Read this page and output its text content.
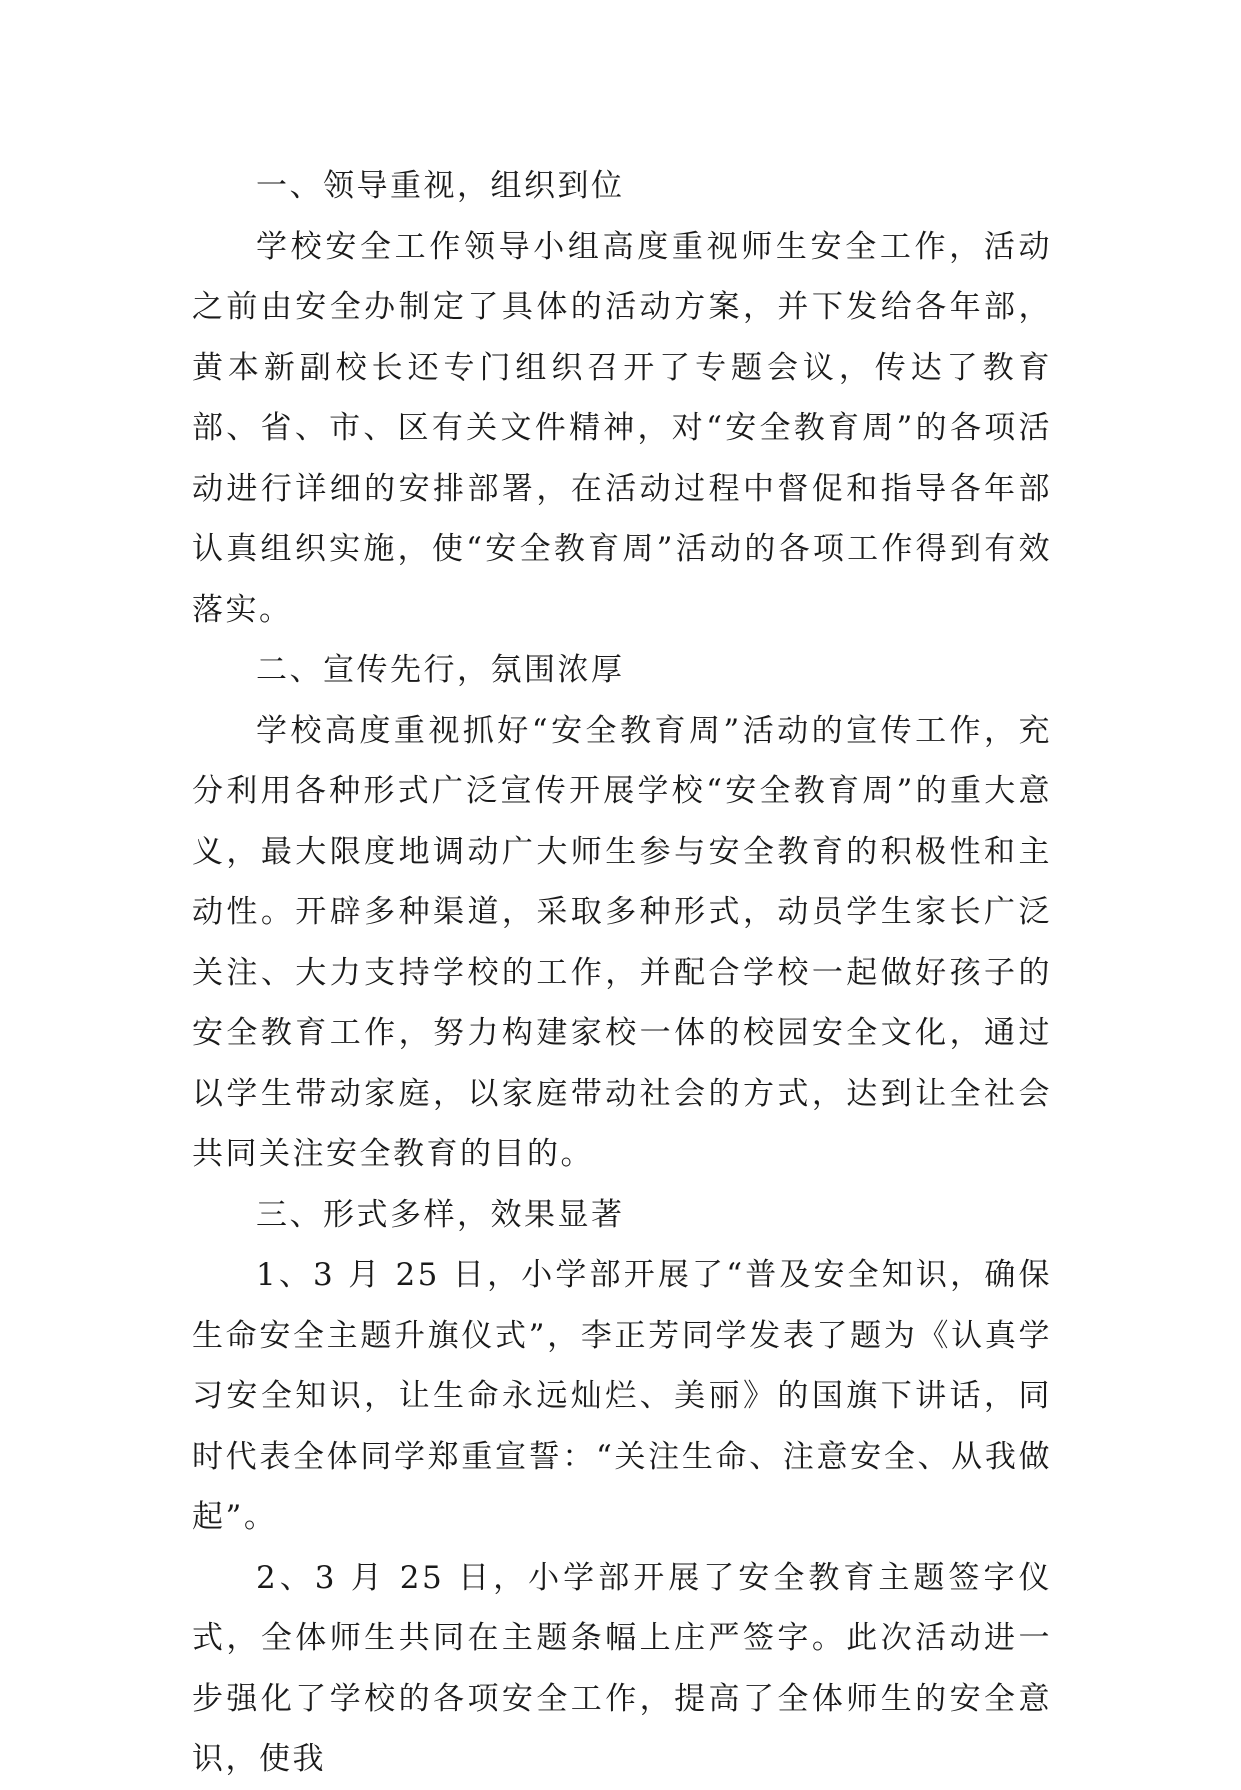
一、领导重视，组织到位

学校安全工作领导小组高度重视师生安全工作，活动之前由安全办制定了具体的活动方案，并下发给各年部，黄本新副校长还专门组织召开了专题会议，传达了教育部、省、市、区有关文件精神，对“安全教育周”的各项活动进行详细的安排部署，在活动过程中督促和指导各年部认真组织实施，使“安全教育周”活动的各项工作得到有效落实。

二、宣传先行，氛围浓厚

学校高度重视抓好“安全教育周”活动的宣传工作，充分利用各种形式广泛宣传开展学校“安全教育周”的重大意义，最大限度地调动广大师生参与安全教育的积极性和主动性。开辟多种渠道，采取多种形式，动员学生家长广泛关注、大力支持学校的工作，并配合学校一起做好孩子的安全教育工作，努力构建家校一体的校园安全文化，通过以学生带动家庭，以家庭带动社会的方式，达到让全社会共同关注安全教育的目的。

三、形式多样，效果显著

1、3 月 25 日，小学部开展了“普及安全知识，确保生命安全主题升旗仪式”，李正芳同学发表了题为《认真学习安全知识，让生命永远灿烂、美丽》的国旗下讲话，同时代表全体同学郑重宣誓：“关注生命、注意安全、从我做起”。

2、3 月 25 日，小学部开展了安全教育主题签字仪式，全体师生共同在主题条幅上庄严签字。此次活动进一步强化了学校的各项安全工作，提高了全体师生的安全意识，使我
